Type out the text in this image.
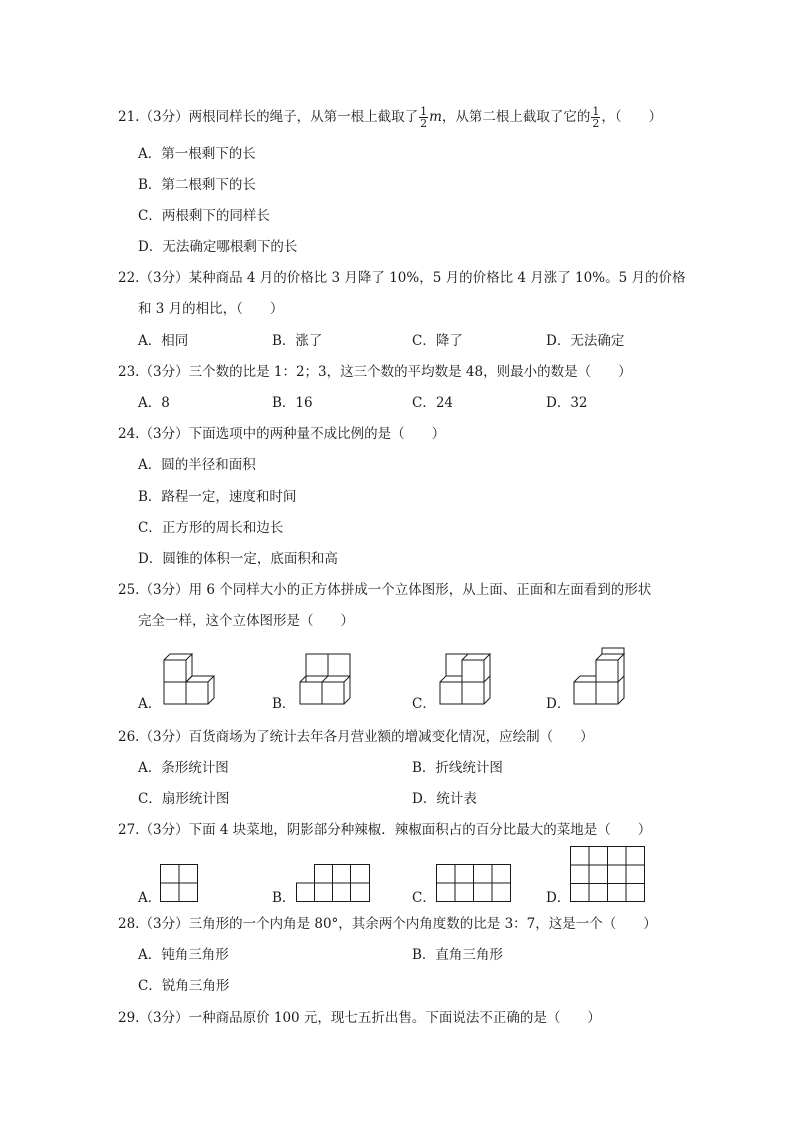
21.（3分）两根同样长的绳子，从第一根上截取了 $\frac{1}{2}$ m，从第二根上截取了它的 $\frac{1}{2}$ ，（　　）
A．第一根剩下的长
B．第二根剩下的长
C．两根剩下的同样长
D．无法确定哪根剩下的长
22.（3分）某种商品 4 月的价格比 3 月降了 10%，5 月的价格比 4 月涨了 10%。5 月的价格
和 3 月的相比，（　　）
A．相同	B．涨了	C．降了	D．无法确定
23.（3分）三个数的比是 1：2；3，这三个数的平均数是 48，则最小的数是（　　）
A．8	B．16	C．24	D．32
24.（3分）下面选项中的两种量不成比例的是（　　）
A．圆的半径和面积
B．路程一定，速度和时间
C．正方形的周长和边长
D．圆锥的体积一定，底面积和高
25.（3分）用 6 个同样大小的正方体拼成一个立体图形，从上面、正面和左面看到的形状
完全一样，这个立体图形是（　　）
A．	B．	C．	D．
26.（3分）百货商场为了统计去年各月营业额的增减变化情况，应绘制（　　）
A．条形统计图	B．折线统计图
C．扇形统计图	D．统计表
27.（3分）下面 4 块菜地，阴影部分种辣椒．辣椒面积占的百分比最大的菜地是（　　）
A．	B．	C．	D．
28.（3分）三角形的一个内角是 80°，其余两个内角度数的比是 3：7，这是一个（　　）
A．钝角三角形	B．直角三角形
C．锐角三角形
29.（3分）一种商品原价 100 元，现七五折出售。下面说法不正确的是（　　）
